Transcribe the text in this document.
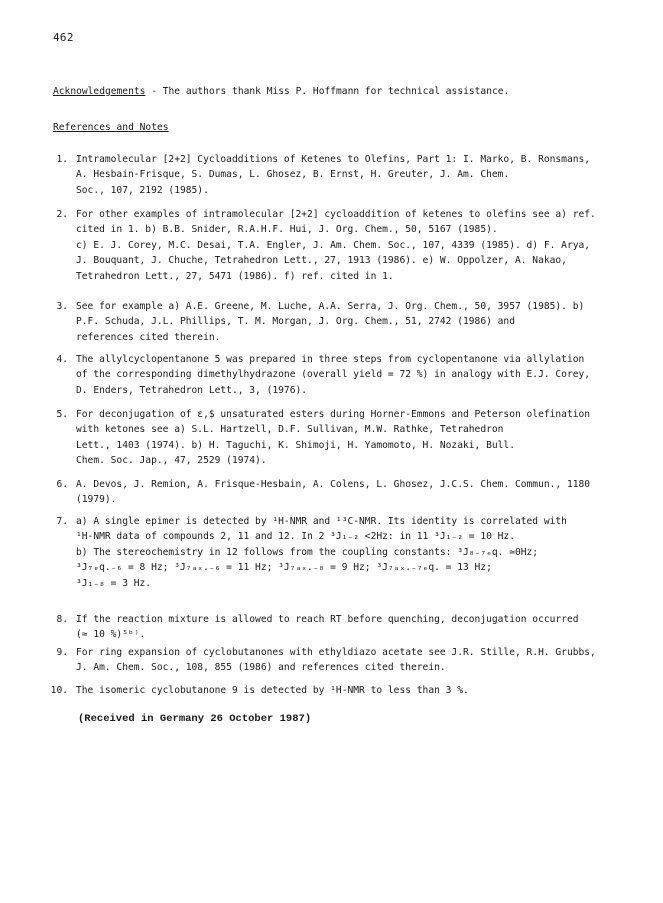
462
Acknowledgements - The authors thank Miss P. Hoffmann for technical assistance.
References and Notes
1. Intramolecular [2+2] Cycloadditions of Ketenes to Olefins, Part 1: I. Marko, B. Ronsmans,
A. Hesbain-Frisque, S. Dumas, L. Ghosez, B. Ernst, H. Greuter, J. Am. Chem.
Soc., 107, 2192 (1985).
2. For other examples of intramolecular [2+2] cycloaddition of ketenes to olefins see a) ref.
cited in 1. b) B.B. Snider, R.A.H.F. Hui, J. Org. Chem., 50, 5167 (1985).
c) E. J. Corey, M.C. Desai, T.A. Engler, J. Am. Chem. Soc., 107, 4339 (1985). d) F. Arya,
J. Bouquant, J. Chuche, Tetrahedron Lett., 27, 1913 (1986). e) W. Oppolzer, A. Nakao,
Tetrahedron Lett., 27, 5471 (1986). f) ref. cited in 1.
3. See for example a) A.E. Greene, M. Luche, A.A. Serra, J. Org. Chem., 50, 3957 (1985). b)
P.F. Schuda, J.L. Phillips, T. M. Morgan, J. Org. Chem., 51, 2742 (1986) and
references cited therein.
4. The allylcyclopentanone 5 was prepared in three steps from cyclopentanone via allylation
of the corresponding dimethylhydrazone (overall yield = 72 %) in analogy with E.J. Corey,
D. Enders, Tetrahedron Lett., 3, (1976).
5. For deconjugation of ɛ,$ unsaturated esters during Horner-Emmons and Peterson olefination
with ketones see a) S.L. Hartzell, D.F. Sullivan, M.W. Rathke, Tetrahedron
Lett., 1403 (1974). b) H. Taguchi, K. Shimoji, H. Yamomoto, H. Nozaki, Bull.
Chem. Soc. Jap., 47, 2529 (1974).
6. A. Devos, J. Remion, A. Frisque-Hesbain, A. Colens, L. Ghosez, J.C.S. Chem. Commun., 1180
(1979).
7. a) A single epimer is detected by ¹H-NMR and ¹³C-NMR. Its identity is correlated with
¹H-NMR data of compounds 2, 11 and 12. In 2 ³J₁₋₂ <2Hz: in 11 ³J₁₋₂ = 10 Hz.
b) The stereochemistry in 12 follows from the coupling constants: ³J₈₋₇ₑq. ≃0Hz;
³J₇ₑq.₋₆ = 8 Hz; ³J₇ₐₓ.₋₆ = 11 Hz; ³J₇ₐₓ.₋₈ = 9 Hz; ³J₇ₐₓ.₋₇ₑq. = 13 Hz;
³J₁₋₈ = 3 Hz.
8. If the reaction mixture is allowed to reach RT before quenching, deconjugation occurred
(≃ 10 %)⁵ᵇ⁾.
9. For ring expansion of cyclobutanones with ethyldiazo acetate see J.R. Stille, R.H. Grubbs,
J. Am. Chem. Soc., 108, 855 (1986) and references cited therein.
10. The isomeric cyclobutanone 9 is detected by ¹H-NMR to less than 3 %.
(Received in Germany 26 October 1987)
